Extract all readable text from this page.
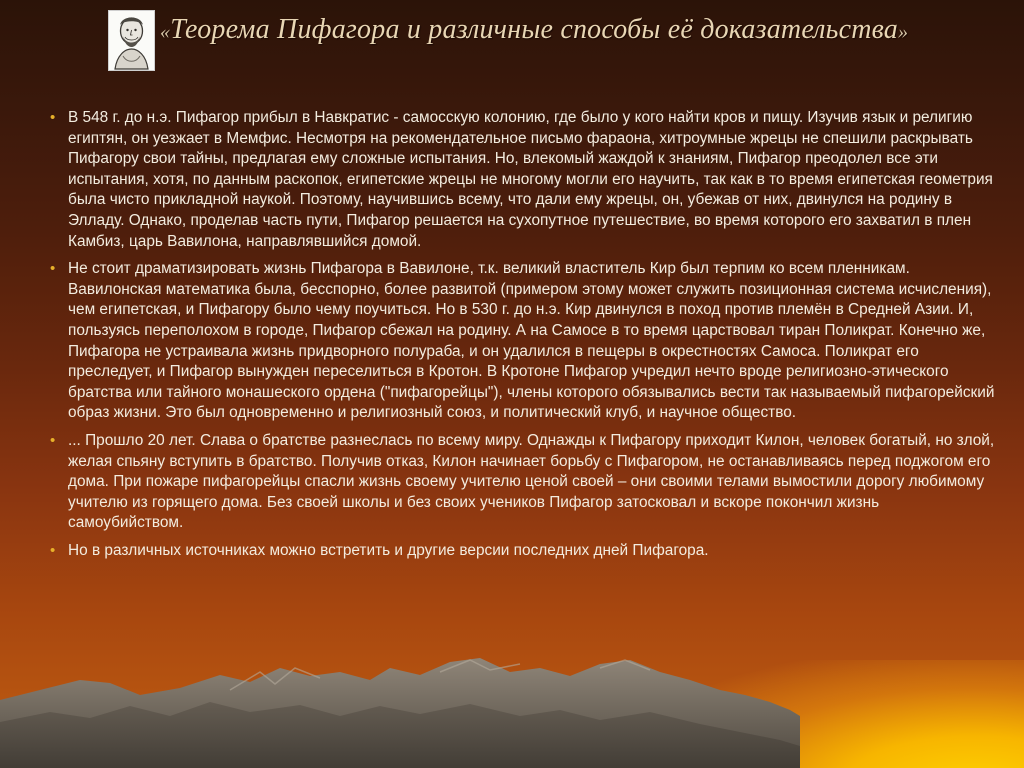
«Теорема Пифагора и различные способы её доказательства»
• В 548 г. до н.э. Пифагор прибыл в Навкратис - самосскую колонию, где было у кого найти кров и пищу. Изучив язык и религию египтян, он уезжает в Мемфис. Несмотря на рекомендательное письмо фараона, хитроумные жрецы не спешили раскрывать Пифагору свои тайны, предлагая ему сложные испытания. Но, влекомый жаждой к знаниям, Пифагор преодолел все эти испытания, хотя, по данным раскопок, египетские жрецы не многому могли его научить, так как в то время египетская геометрия была чисто прикладной наукой. Поэтому, научившись всему, что дали ему жрецы, он, убежав от них, двинулся на родину в Элладу. Однако, проделав часть пути, Пифагор решается на сухопутное путешествие, во время которого его захватил в плен Камбиз, царь Вавилона, направлявшийся домой.
• Не стоит драматизировать жизнь Пифагора в Вавилоне, т.к. великий властитель Кир был терпим ко всем пленникам. Вавилонская математика была, бесспорно, более развитой (примером этому может служить позиционная система исчисления), чем египетская, и Пифагору было чему поучиться. Но в 530 г. до н.э. Кир двинулся в поход против племён в Средней Азии. И, пользуясь переполохом в городе, Пифагор сбежал на родину. А на Самосе в то время царствовал тиран Поликрат. Конечно же, Пифагора не устраивала жизнь придворного полураба, и он удалился в пещеры в окрестностях Самоса. Поликрат его преследует, и Пифагор вынужден переселиться в Кротон. В Кротоне Пифагор учредил нечто вроде религиозно-этического братства или тайного монашеского ордена ("пифагорейцы"), члены которого обязывались вести так называемый пифагорейский образ жизни. Это был одновременно и религиозный союз, и политический клуб, и научное общество.
• ... Прошло 20 лет. Слава о братстве разнеслась по всему миру. Однажды к Пифагору приходит Килон, человек богатый, но злой, желая спьяну вступить в братство. Получив отказ, Килон начинает борьбу с Пифагором, не останавливаясь перед поджогом его дома. При пожаре пифагорейцы спасли жизнь своему учителю ценой своей – они своими телами вымостили дорогу любимому учителю из горящего дома. Без своей школы и без своих учеников Пифагор затосковал и вскоре покончил жизнь самоубийством.
• Но в различных источниках можно встретить и другие версии последних дней Пифагора.
